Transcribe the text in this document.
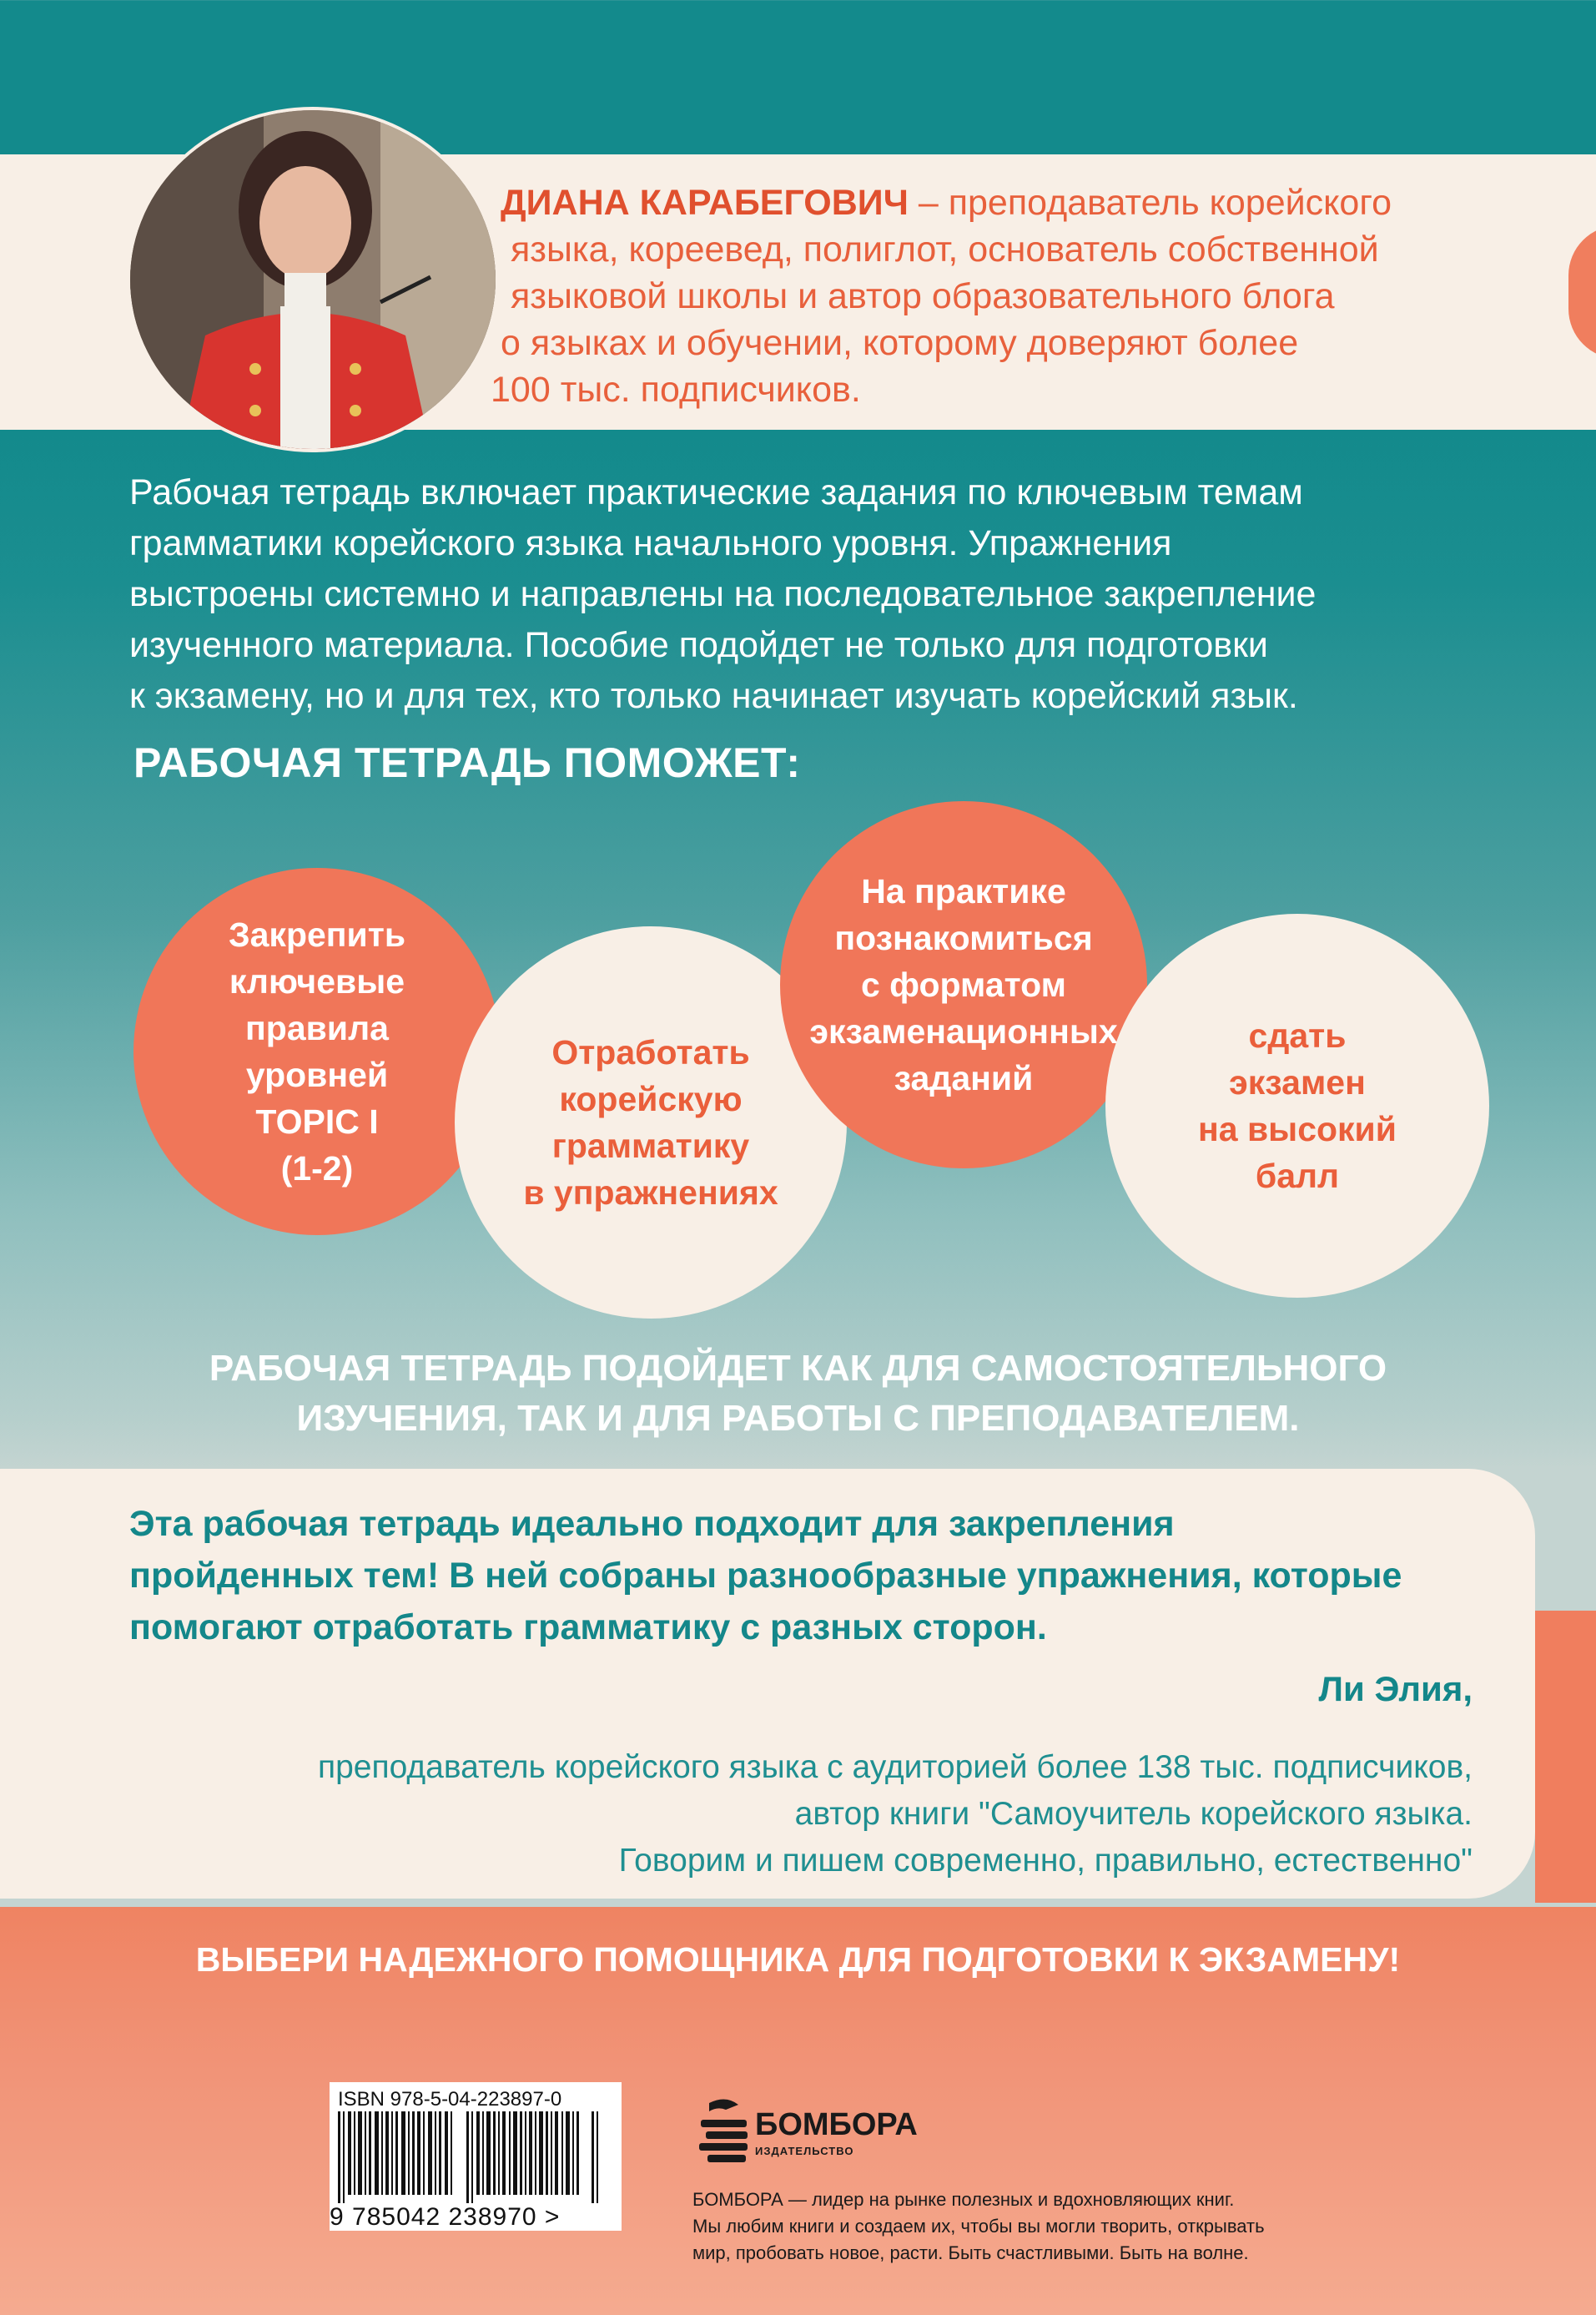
ДИАНА КАРАБЕГОВИЧ – преподаватель корейского
языка, кореевед, полиглот, основатель собственной
языковой школы и автор образовательного блога
о языках и обучении, которому доверяют более
100 тыс. подписчиков.
Рабочая тетрадь включает практические задания по ключевым темам
грамматики корейского языка начального уровня. Упражнения
выстроены системно и направлены на последовательное закрепление
изученного материала. Пособие подойдет не только для подготовки
к экзамену, но и для тех, кто только начинает изучать корейский язык.
РАБОЧАЯ ТЕТРАДЬ ПОМОЖЕТ:
Закрепить
ключевые
правила
уровней
TOPIC I
(1-2)
Отработать
корейскую
грамматику
в упражнениях
На практике
познакомиться
с форматом
экзаменационных
заданий
сдать
экзамен
на высокий
балл
РАБОЧАЯ ТЕТРАДЬ ПОДОЙДЕТ КАК ДЛЯ САМОСТОЯТЕЛЬНОГО
ИЗУЧЕНИЯ, ТАК И ДЛЯ РАБОТЫ С ПРЕПОДАВАТЕЛЕМ.
Эта рабочая тетрадь идеально подходит для закрепления
пройденных тем! В ней собраны разнообразные упражнения, которые
помогают отработать грамматику с разных сторон.
Ли Элия,
преподаватель корейского языка с аудиторией более 138 тыс. подписчиков,
автор книги "Самоучитель корейского языка.
Говорим и пишем современно, правильно, естественно"
ВЫБЕРИ НАДЕЖНОГО ПОМОЩНИКА ДЛЯ ПОДГОТОВКИ К ЭКЗАМЕНУ!
ISBN 978-5-04-223897-0
9 785042 238970 >
БОМБОРА
ИЗДАТЕЛЬСТВО
БОМБОРА — лидер на рынке полезных и вдохновляющих книг.
Мы любим книги и создаем их, чтобы вы могли творить, открывать
мир, пробовать новое, расти. Быть счастливыми. Быть на волне.
